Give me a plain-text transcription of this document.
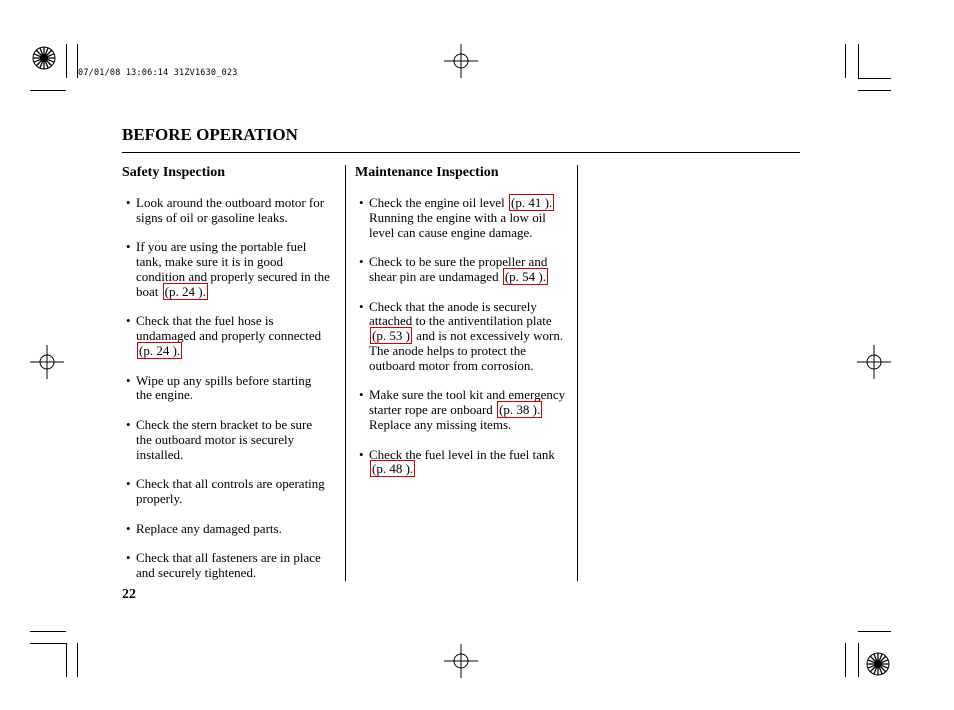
07/01/08 13:06:14 31ZV1630_023
BEFORE OPERATION
Safety Inspection
• Look around the outboard motor for signs of oil or gasoline leaks.
• If you are using the portable fuel tank, make sure it is in good condition and properly secured in the boat (p. 24 ).
• Check that the fuel hose is undamaged and properly connected (p. 24 ).
• Wipe up any spills before starting the engine.
• Check the stern bracket to be sure the outboard motor is securely installed.
• Check that all controls are operating properly.
• Replace any damaged parts.
• Check that all fasteners are in place and securely tightened.
Maintenance Inspection
• Check the engine oil level (p. 41 ). Running the engine with a low oil level can cause engine damage.
• Check to be sure the propeller and shear pin are undamaged (p. 54 ).
• Check that the anode is securely attached to the antiventilation plate (p. 53 ) and is not excessively worn. The anode helps to protect the outboard motor from corrosion.
• Make sure the tool kit and emergency starter rope are onboard (p. 38 ). Replace any missing items.
• Check the fuel level in the fuel tank (p. 48 ).
22
